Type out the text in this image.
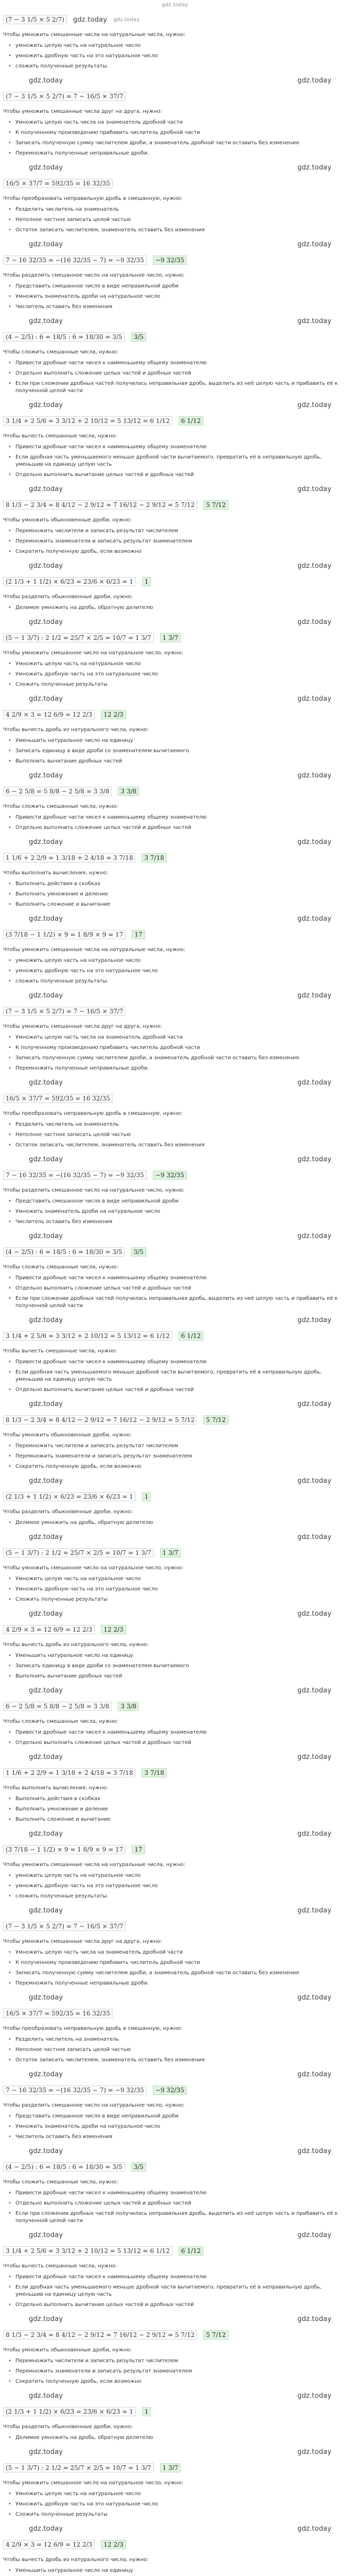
gdz.today
(7 − 3 1/5 × 5 2/7)	gdz.today gdz.today

Чтобы умножить смешанные числа на натуральные числа, нужно:

• умножить целую часть на натуральное число
• умножить дробную часть на это натуральное число
• сложить полученные результаты.
gdz.today	gdz.today
(7 − 3 1/5 × 5 2/7) = 7 − 16/5 × 37/7

Чтобы умножить смешанные числа друг на друга, нужно:

• Умножить целую часть числа на знаменатель дробной части
• К полученному произведению прибавить числитель дробной части
• Записать полученную сумму числителем дроби, а знаменатель дробной части оставить без изменения
• Перемножить полученные неправильные дроби.
gdz.today	gdz.today
16/5 × 37/7 = 592/35 = 16 32/35

Чтобы преобразовать неправильную дробь в смешанную, нужно:

• Разделить числитель на знаменатель
• Неполное частное записать целой частью
• Остаток записать числителем, знаменатель оставить без изменения
gdz.today	gdz.today
7 − 16 32/35 = −(16 32/35 − 7) = −9 32/35	−9 32/35

Чтобы разделить смешанное число на натуральное число, нужно:

• Представить смешанное число в виде неправильной дроби
• Умножить знаменатель дроби на натуральное число
• Числитель оставить без изменения
gdz.today	gdz.today
(4 − 2/5) : 6 = 18/5 : 6 = 18/30 = 3/5	3/5

Чтобы сложить смешанные числа, нужно:

• Привести дробные части чисел к наименьшему общему знаменателю
• Отдельно выполнить сложение целых частей и дробных частей
• Если при сложении дробных частей получилась неправильная дробь, выделить из неё целую часть и прибавить её к полученной целой части
gdz.today	gdz.today
3 1/4 + 2 5/6 = 3 3/12 + 2 10/12 = 5 13/12 = 6 1/12	6 1/12

Чтобы вычесть смешанные числа, нужно:

• Привести дробные части чисел к наименьшему общему знаменателю
• Если дробная часть уменьшаемого меньше дробной части вычитаемого, превратить её в неправильную дробь, уменьшив на единицу целую часть
• Отдельно выполнить вычитание целых частей и дробных частей
gdz.today	gdz.today
8 1/3 − 2 3/4 = 8 4/12 − 2 9/12 = 7 16/12 − 2 9/12 = 5 7/12	5 7/12

Чтобы умножить обыкновенные дроби, нужно:

• Перемножить числители и записать результат числителем
• Перемножить знаменатели и записать результат знаменателем
• Сократить полученную дробь, если возможно
gdz.today	gdz.today
(2 1/3 + 1 1/2) × 6/23 = 23/6 × 6/23 = 1	1

Чтобы разделить обыкновенные дроби, нужно:

• Делимое умножить на дробь, обратную делителю
gdz.today	gdz.today
(5 − 1 3/7) : 2 1/2 = 25/7 × 2/5 = 10/7 = 1 3/7	1 3/7

Чтобы умножить смешанное число на натуральное число, нужно:

• Умножить целую часть на натуральное число
• Умножить дробную часть на это натуральное число
• Сложить полученные результаты
gdz.today	gdz.today
4 2/9 × 3 = 12 6/9 = 12 2/3	12 2/3

Чтобы вычесть дробь из натурального числа, нужно:

• Уменьшить натуральное число на единицу
• Записать единицу в виде дроби со знаменателем вычитаемого
• Выполнить вычитание дробных частей
gdz.today	gdz.today
6 − 2 5/8 = 5 8/8 − 2 5/8 = 3 3/8	3 3/8

Чтобы сложить смешанные числа, нужно:

• Привести дробные части чисел к наименьшему общему знаменателю
• Отдельно выполнить сложение целых частей и дробных частей
gdz.today	gdz.today
1 1/6 + 2 2/9 = 1 3/18 + 2 4/18 = 3 7/18	3 7/18

Чтобы выполнить вычисления, нужно:

• Выполнить действия в скобках
• Выполнить умножение и деление
• Выполнить сложение и вычитание
gdz.today	gdz.today
(3 7/18 − 1 1/2) × 9 = 1 8/9 × 9 = 17	17

Чтобы умножить смешанные числа на натуральные числа, нужно:

• умножить целую часть на натуральное число
• умножить дробную часть на это натуральное число
• сложить полученные результаты.
gdz.today	gdz.today
(7 − 3 1/5 × 5 2/7) = 7 − 16/5 × 37/7

Чтобы умножить смешанные числа друг на друга, нужно:

• Умножить целую часть числа на знаменатель дробной части
• К полученному произведению прибавить числитель дробной части
• Записать полученную сумму числителем дроби, а знаменатель дробной части оставить без изменения
• Перемножить полученные неправильные дроби.
gdz.today	gdz.today
16/5 × 37/7 = 592/35 = 16 32/35

Чтобы преобразовать неправильную дробь в смешанную, нужно:

• Разделить числитель на знаменатель
• Неполное частное записать целой частью
• Остаток записать числителем, знаменатель оставить без изменения
gdz.today	gdz.today
7 − 16 32/35 = −(16 32/35 − 7) = −9 32/35	−9 32/35

Чтобы разделить смешанное число на натуральное число, нужно:

• Представить смешанное число в виде неправильной дроби
• Умножить знаменатель дроби на натуральное число
• Числитель оставить без изменения
gdz.today	gdz.today
(4 − 2/5) : 6 = 18/5 : 6 = 18/30 = 3/5	3/5

Чтобы сложить смешанные числа, нужно:

• Привести дробные части чисел к наименьшему общему знаменателю
• Отдельно выполнить сложение целых частей и дробных частей
• Если при сложении дробных частей получилась неправильная дробь, выделить из неё целую часть и прибавить её к полученной целой части
gdz.today	gdz.today
3 1/4 + 2 5/6 = 3 3/12 + 2 10/12 = 5 13/12 = 6 1/12	6 1/12

Чтобы вычесть смешанные числа, нужно:

• Привести дробные части чисел к наименьшему общему знаменателю
• Если дробная часть уменьшаемого меньше дробной части вычитаемого, превратить её в неправильную дробь, уменьшив на единицу целую часть
• Отдельно выполнить вычитание целых частей и дробных частей
gdz.today	gdz.today
8 1/3 − 2 3/4 = 8 4/12 − 2 9/12 = 7 16/12 − 2 9/12 = 5 7/12	5 7/12

Чтобы умножить обыкновенные дроби, нужно:

• Перемножить числители и записать результат числителем
• Перемножить знаменатели и записать результат знаменателем
• Сократить полученную дробь, если возможно
gdz.today	gdz.today
(2 1/3 + 1 1/2) × 6/23 = 23/6 × 6/23 = 1	1

Чтобы разделить обыкновенные дроби, нужно:

• Делимое умножить на дробь, обратную делителю
gdz.today	gdz.today
(5 − 1 3/7) : 2 1/2 = 25/7 × 2/5 = 10/7 = 1 3/7	1 3/7

Чтобы умножить смешанное число на натуральное число, нужно:

• Умножить целую часть на натуральное число
• Умножить дробную часть на это натуральное число
• Сложить полученные результаты
gdz.today	gdz.today
4 2/9 × 3 = 12 6/9 = 12 2/3	12 2/3

Чтобы вычесть дробь из натурального числа, нужно:

• Уменьшить натуральное число на единицу
• Записать единицу в виде дроби со знаменателем вычитаемого
• Выполнить вычитание дробных частей
gdz.today	gdz.today
6 − 2 5/8 = 5 8/8 − 2 5/8 = 3 3/8	3 3/8

Чтобы сложить смешанные числа, нужно:

• Привести дробные части чисел к наименьшему общему знаменателю
• Отдельно выполнить сложение целых частей и дробных частей
gdz.today	gdz.today
1 1/6 + 2 2/9 = 1 3/18 + 2 4/18 = 3 7/18	3 7/18

Чтобы выполнить вычисления, нужно:

• Выполнить действия в скобках
• Выполнить умножение и деление
• Выполнить сложение и вычитание
gdz.today	gdz.today
(3 7/18 − 1 1/2) × 9 = 1 8/9 × 9 = 17	17

Чтобы умножить смешанные числа на натуральные числа, нужно:

• умножить целую часть на натуральное число
• умножить дробную часть на это натуральное число
• сложить полученные результаты.
gdz.today	gdz.today
(7 − 3 1/5 × 5 2/7) = 7 − 16/5 × 37/7

Чтобы умножить смешанные числа друг на друга, нужно:

• Умножить целую часть числа на знаменатель дробной части
• К полученному произведению прибавить числитель дробной части
• Записать полученную сумму числителем дроби, а знаменатель дробной части оставить без изменения
• Перемножить полученные неправильные дроби.
gdz.today	gdz.today
16/5 × 37/7 = 592/35 = 16 32/35

Чтобы преобразовать неправильную дробь в смешанную, нужно:

• Разделить числитель на знаменатель
• Неполное частное записать целой частью
• Остаток записать числителем, знаменатель оставить без изменения
gdz.today	gdz.today
7 − 16 32/35 = −(16 32/35 − 7) = −9 32/35	−9 32/35

Чтобы разделить смешанное число на натуральное число, нужно:

• Представить смешанное число в виде неправильной дроби
• Умножить знаменатель дроби на натуральное число
• Числитель оставить без изменения
gdz.today	gdz.today
(4 − 2/5) : 6 = 18/5 : 6 = 18/30 = 3/5	3/5

Чтобы сложить смешанные числа, нужно:

• Привести дробные части чисел к наименьшему общему знаменателю
• Отдельно выполнить сложение целых частей и дробных частей
• Если при сложении дробных частей получилась неправильная дробь, выделить из неё целую часть и прибавить её к полученной целой части
gdz.today	gdz.today
3 1/4 + 2 5/6 = 3 3/12 + 2 10/12 = 5 13/12 = 6 1/12	6 1/12

Чтобы вычесть смешанные числа, нужно:

• Привести дробные части чисел к наименьшему общему знаменателю
• Если дробная часть уменьшаемого меньше дробной части вычитаемого, превратить её в неправильную дробь, уменьшив на единицу целую часть
• Отдельно выполнить вычитание целых частей и дробных частей
gdz.today	gdz.today
8 1/3 − 2 3/4 = 8 4/12 − 2 9/12 = 7 16/12 − 2 9/12 = 5 7/12	5 7/12

Чтобы умножить обыкновенные дроби, нужно:

• Перемножить числители и записать результат числителем
• Перемножить знаменатели и записать результат знаменателем
• Сократить полученную дробь, если возможно
gdz.today	gdz.today
(2 1/3 + 1 1/2) × 6/23 = 23/6 × 6/23 = 1	1

Чтобы разделить обыкновенные дроби, нужно:

• Делимое умножить на дробь, обратную делителю
gdz.today	gdz.today
(5 − 1 3/7) : 2 1/2 = 25/7 × 2/5 = 10/7 = 1 3/7	1 3/7

Чтобы умножить смешанное число на натуральное число, нужно:

• Умножить целую часть на натуральное число
• Умножить дробную часть на это натуральное число
• Сложить полученные результаты
gdz.today	gdz.today
4 2/9 × 3 = 12 6/9 = 12 2/3	12 2/3

Чтобы вычесть дробь из натурального числа, нужно:

• Уменьшить натуральное число на единицу
